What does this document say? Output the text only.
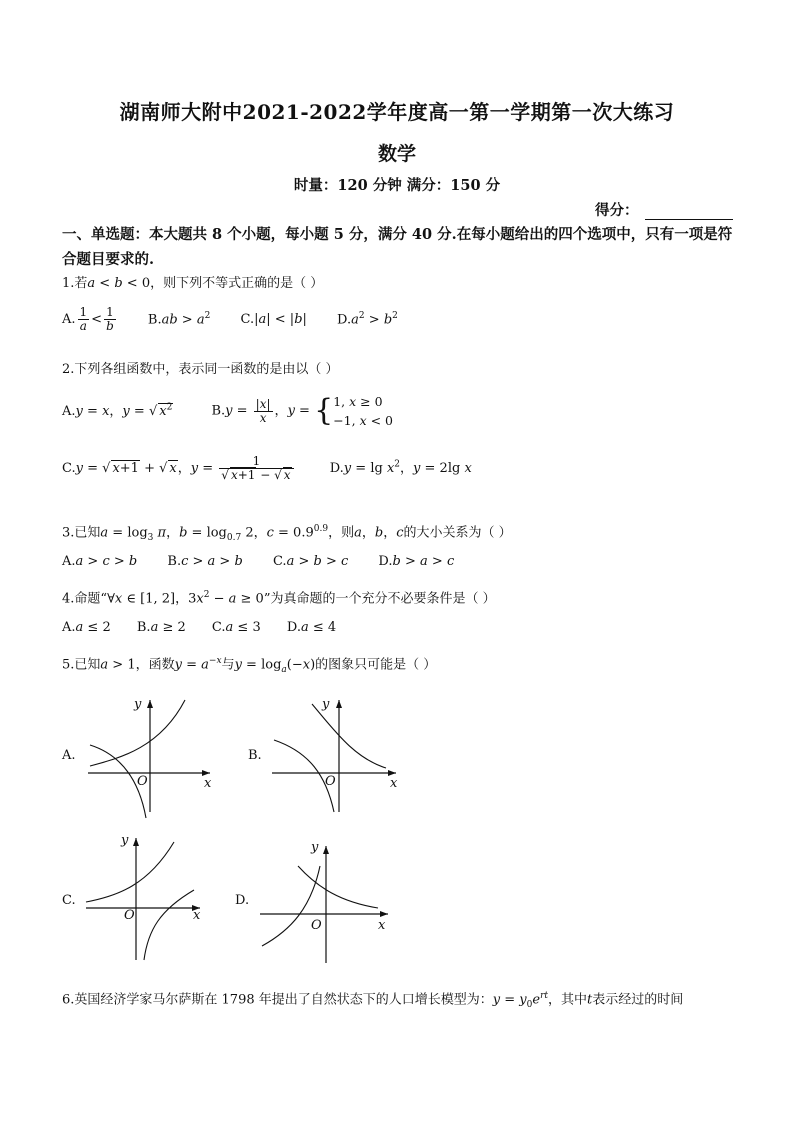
湖南师大附中2021-2022学年度高一第一学期第一次大练习
数学
时量：120 分钟 满分：150 分
得分：
一、单选题：本大题共 8 个小题，每小题 5 分，满分 40 分.在每小题给出的四个选项中，只有一项是符合题目要求的.
1.若a < b < 0，则下列不等式正确的是（ ）
A. $\frac{1}{a} < \frac{1}{b} B.ab > a^2$ C.|a| < |b| $D.a^2 > b^2$
2.下列各组函数中，表示同一函数的是由以（ ）
A.y = x，y = √ $x^2$	$B.y = \frac{|x|}{x}$ ，y = {1, x ≥ 0
−1, x < 0
C.y = √ x+1 + √ x，$y = \frac{1}{√ x+1 - √ x}$	$D.y = \lg x^2$，y = 2lg x
3.已知$a = \log_3 \pi$，$b = \log_{0.7} 2$，$c = 0.9^{0.9}$，则a，b，c的大小关系为（ ）
A.a > c > b B.c > a > b C.a > b > c D.b > a > c
4.命题“∀x ∈ [1, 2]，$3x^2 - a \ge 0$”为真命题的一个充分不必要条件是（ ）
A.a ≤ 2 B.a ≥ 2 C.a ≤ 3 D.a ≤ 4
5.已知a > 1，函数$y = a^{-x}$与$y = \log_a(-x)$的图象只可能是（ ）
A.
y
O	x
B.
y
O	x
C.
y
O	x
D.
y
O	x
6.英国经济学家马尔萨斯在 1798 年提出了自然状态下的人口增长模型为：$y = y_0e^{rt}$，其中t表示经过的时间
